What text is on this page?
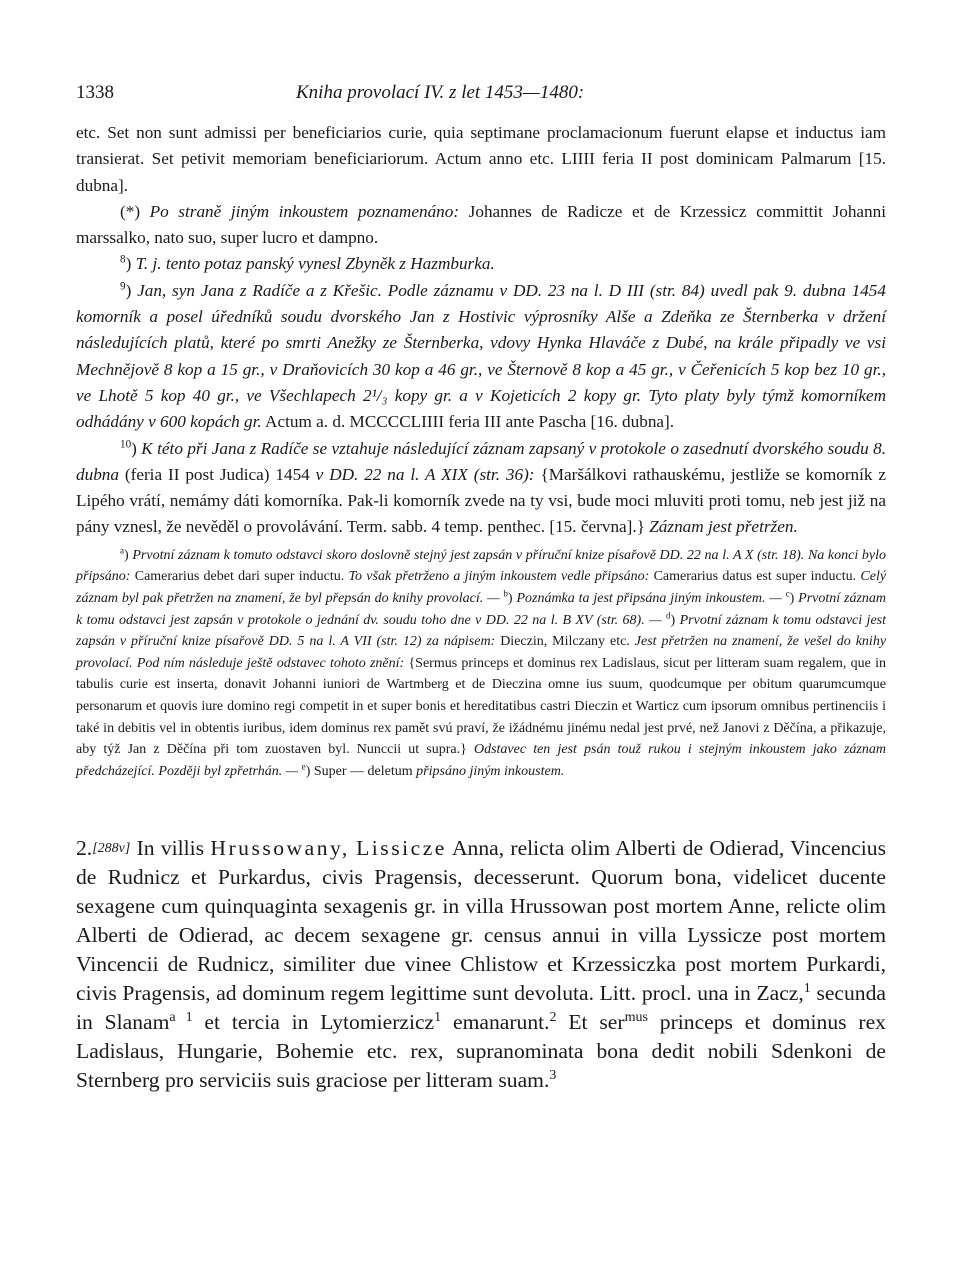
1338	Kniha provolací IV. z let 1453—1480:

etc. Set non sunt admissi per beneficiarios curie, quia septimane proclamacionum fuerunt elapse et inductus iam transierat. Set petivit memoriam beneficiariorum. Actum anno etc. LIIII feria II post dominicam Palmarum [15. dubna].

(*) Po straně jiným inkoustem poznamenáno: Johannes de Radicze et de Krzessicz committit Johanni marssalko, nato suo, super lucro et dampno.

$^8$) T. j. tento potaz panský vynesl Zbyněk z Hazmburka.

$^9$) Jan, syn Jana z Radíče a z Křešic. Podle záznamu v DD. 23 na l. D III (str. 84) uvedl pak 9. dubna 1454 komorník a posel úředníků soudu dvorského Jan z Hostivic výprosníky Alše a Zdeňka ze Šternberka v držení následujících platů, které po smrti Anežky ze Šternberka, vdovy Hynka Hlaváče z Dubé, na krále připadly ve vsi Mechnějově 8 kop a 15 gr., v Draňovicích 30 kop a 46 gr., ve Šternově 8 kop a 45 gr., v Čeřenicích 5 kop bez 10 gr., ve Lhotě 5 kop 40 gr., ve Všechlapech 2¹/₃ kopy gr. a v Kojeticích 2 kopy gr. Tyto platy byly týmž komorníkem odhádány v 600 kopách gr. Actum a. d. MCCCCLIIII feria III ante Pascha [16. dubna].

$^{10}$) K této při Jana z Radíče se vztahuje následující záznam zapsaný v protokole o zasednutí dvorského soudu 8. dubna (feria II post Judica) 1454 v DD. 22 na l. A XIX (str. 36): {Maršálkovi rathauskému, jestliže se komorník z Lipého vrátí, nemámy dáti komorníka. Pak-li komorník zvede na ty vsi, bude moci mluviti proti tomu, neb jest již na pány vznesl, že nevěděl o provolávání. Term. sabb. 4 temp. penthec. [15. června].} Záznam jest přetržen.

$^a$) Prvotní záznam k tomuto odstavci skoro doslovně stejný jest zapsán v příruční knize písařově DD. 22 na l. A X (str. 18). Na konci bylo připsáno: Camerarius debet dari super inductu. To však přetrženo a jiným inkoustem vedle připsáno: Camerarius datus est super inductu. Celý záznam byl pak přetržen na znamení, že byl přepsán do knihy provolací. — $^b$) Poznámka ta jest připsána jiným inkoustem. — $^c$) Prvotní záznam k tomu odstavci jest zapsán v protokole o jednání dv. soudu toho dne v DD. 22 na l. B XV (str. 68). — $^d$) Prvotní záznam k tomu odstavci jest zapsán v příruční knize písařově DD. 5 na l. A VII (str. 12) za nápisem: Dieczin, Milczany etc. Jest přetržen na znamení, že vešel do knihy provolací. Pod ním následuje ještě odstavec tohoto znění: {Sermus princeps et dominus rex Ladislaus, sicut per litteram suam regalem, que in tabulis curie est inserta, donavit Johanni iuniori de Wartmberg et de Dieczina omne ius suum, quodcumque per obitum quarumcumque personarum et quovis iure domino regi competit in et super bonis et hereditatibus castri Dieczin et Warticz cum ipsorum omnibus pertinenciis i také in debitis vel in obtentis iuribus, idem dominus rex pamět svú praví, že ižádnému jinému nedal jest prvé, než Janovi z Děčína, a přikazuje, aby týž Jan z Děčína při tom zuostaven byl. Nunccii ut supra.} Odstavec ten jest psán touž rukou i stejným inkoustem jako záznam předcházející. Později byl zpřetrhán. — $^e$) Super — deletum připsáno jiným inkoustem.

2.[288v] In villis Hrussowany, Lissicze Anna, relicta olim Alberti de Odierad, Vincencius de Rudnicz et Purkardus, civis Pragensis, decesserunt. Quorum bona, videlicet ducente sexagene cum quinquaginta sexagenis gr. in villa Hrussowan post mortem Anne, relicte olim Alberti de Odierad, ac decem sexagene gr. census annui in villa Lyssicze post mortem Vincencii de Rudnicz, similiter due vinee Chlistow et Krzessiczka post mortem Purkardi, civis Pragensis, ad dominum regem legittime sunt devoluta. Litt. procl. una in Zacz,$^1$ secunda in Slanam$^{a 1}$ et tercia in Lytomierzicz$^1$ emanarunt.$^2$ Et ser$^{mus}$ princeps et dominus rex Ladislaus, Hungarie, Bohemie etc. rex, supranominata bona dedit nobili Sdenkoni de Sternberg pro serviciis suis graciose per litteram suam.$^3$
